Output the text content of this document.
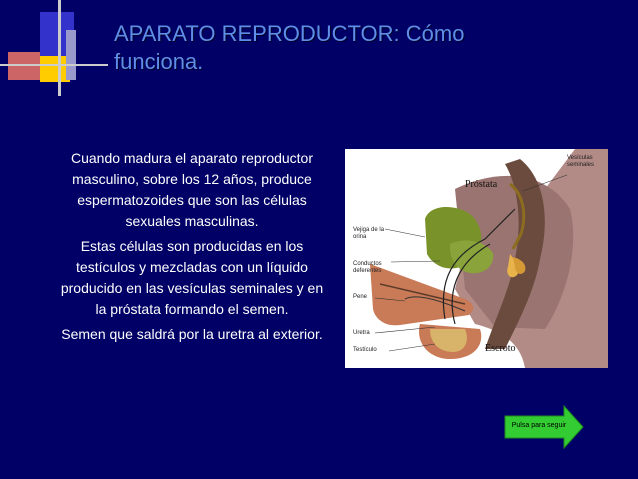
APARATO REPRODUCTOR: Cómo funciona.

Cuando madura el aparato reproductor masculino, sobre los 12 años, produce espermatozoides que son las células sexuales masculinas.

Estas células son producidas en los testículos y mezcladas con un líquido producido en las vesículas seminales y en la próstata formando el semen.

Semen que saldrá por la uretra al exterior.

Vesículas seminales
Próstata
Vejiga de la orina
Conductos deferentes
Pene
Uretra
Testículo	Escroto
Pulsa para seguir
